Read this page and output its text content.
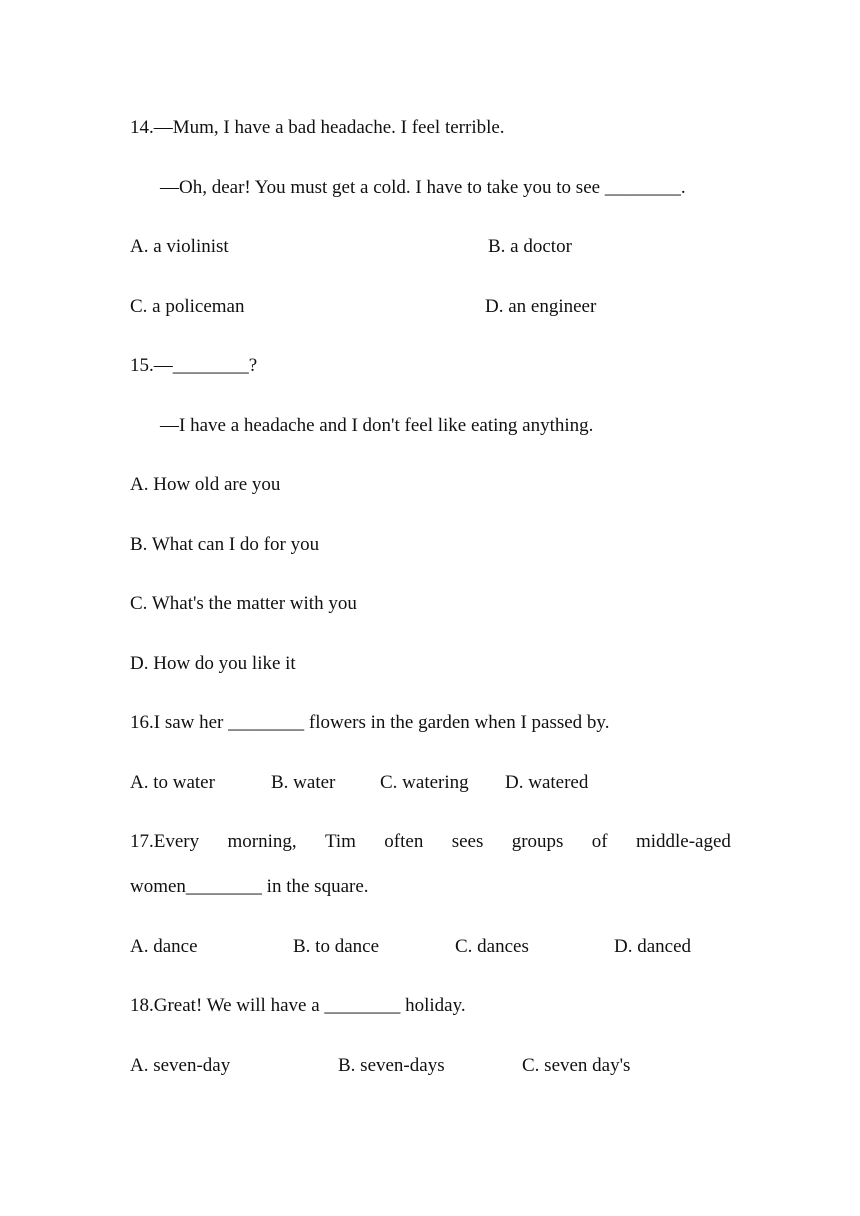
14.—Mum, I have a bad headache. I feel terrible.
—Oh, dear! You must get a cold. I have to take you to see ________.
A. a violinist	B. a doctor
C. a policeman	D. an engineer
15.—________?
—I have a headache and I don't feel like eating anything.
A. How old are you
B. What can I do for you
C. What's the matter with you
D. How do you like it
16.I saw her ________ flowers in the garden when I passed by.
A. to water	B. water C. watering D. watered
17.Every morning, Tim often sees groups of middle-aged
women________ in the square.
A. dance	B. to dance	C. dances	D. danced
18.Great! We will have a ________ holiday.
A. seven-day	B. seven-days	C. seven day's
